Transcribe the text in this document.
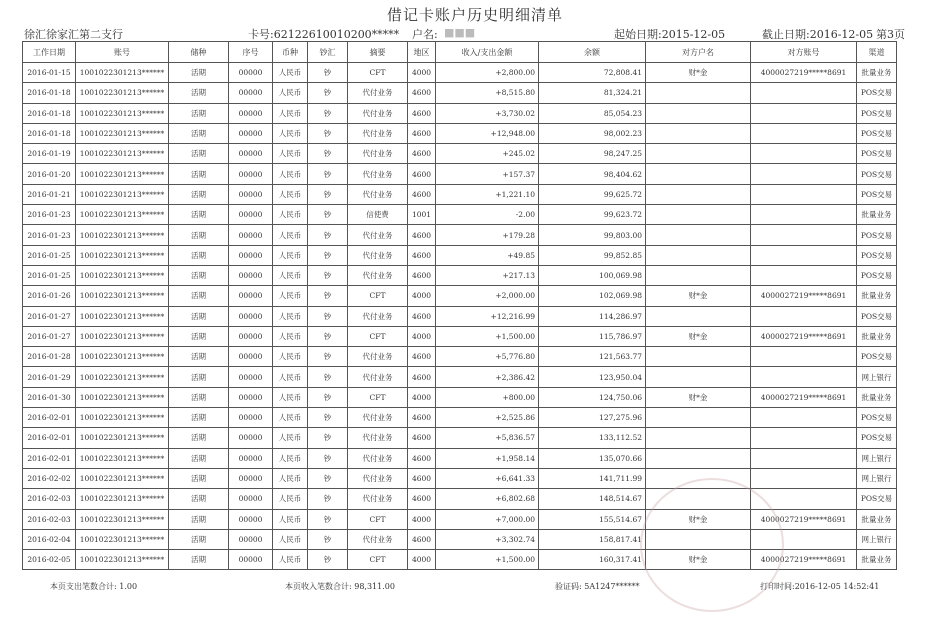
借记卡账户历史明细清单
徐汇徐家汇第二支行	卡号:62122610010200***** 户名: ■■■	起始日期:2015-12-05	截止日期:2016-12-05 第3页
工作日期	账号	储种	序号	币种	钞汇	摘要	地区	收入/支出金额	余额	对方户名	对方账号	渠道
2016-01-15	1001022301213******	活期	00000	人民币	钞	CFT	4000	+2,800.00	72,808.41	财*金	4000027219*****8691	批量业务
2016-01-18	1001022301213******	活期	00000	人民币	钞	代付业务	4600	+8,515.80	81,324.21			POS交易
2016-01-18	1001022301213******	活期	00000	人民币	钞	代付业务	4600	+3,730.02	85,054.23			POS交易
2016-01-18	1001022301213******	活期	00000	人民币	钞	代付业务	4600	+12,948.00	98,002.23			POS交易
2016-01-19	1001022301213******	活期	00000	人民币	钞	代付业务	4600	+245.02	98,247.25			POS交易
2016-01-20	1001022301213******	活期	00000	人民币	钞	代付业务	4600	+157.37	98,404.62			POS交易
2016-01-21	1001022301213******	活期	00000	人民币	钞	代付业务	4600	+1,221.10	99,625.72			POS交易
2016-01-23	1001022301213******	活期	00000	人民币	钞	信使费	1001	-2.00	99,623.72			批量业务
2016-01-23	1001022301213******	活期	00000	人民币	钞	代付业务	4600	+179.28	99,803.00			POS交易
2016-01-25	1001022301213******	活期	00000	人民币	钞	代付业务	4600	+49.85	99,852.85			POS交易
2016-01-25	1001022301213******	活期	00000	人民币	钞	代付业务	4600	+217.13	100,069.98			POS交易
2016-01-26	1001022301213******	活期	00000	人民币	钞	CFT	4000	+2,000.00	102,069.98	财*金	4000027219*****8691	批量业务
2016-01-27	1001022301213******	活期	00000	人民币	钞	代付业务	4600	+12,216.99	114,286.97			POS交易
2016-01-27	1001022301213******	活期	00000	人民币	钞	CFT	4000	+1,500.00	115,786.97	财*金	4000027219*****8691	批量业务
2016-01-28	1001022301213******	活期	00000	人民币	钞	代付业务	4600	+5,776.80	121,563.77			POS交易
2016-01-29	1001022301213******	活期	00000	人民币	钞	代付业务	4600	+2,386.42	123,950.04			网上银行
2016-01-30	1001022301213******	活期	00000	人民币	钞	CFT	4000	+800.00	124,750.06	财*金	4000027219*****8691	批量业务
2016-02-01	1001022301213******	活期	00000	人民币	钞	代付业务	4600	+2,525.86	127,275.96			POS交易
2016-02-01	1001022301213******	活期	00000	人民币	钞	代付业务	4600	+5,836.57	133,112.52			POS交易
2016-02-01	1001022301213******	活期	00000	人民币	钞	代付业务	4600	+1,958.14	135,070.66			网上银行
2016-02-02	1001022301213******	活期	00000	人民币	钞	代付业务	4600	+6,641.33	141,711.99			网上银行
2016-02-03	1001022301213******	活期	00000	人民币	钞	代付业务	4600	+6,802.68	148,514.67			POS交易
2016-02-03	1001022301213******	活期	00000	人民币	钞	CFT	4000	+7,000.00	155,514.67	财*金	4000027219*****8691	批量业务
2016-02-04	1001022301213******	活期	00000	人民币	钞	代付业务	4600	+3,302.74	158,817.41			网上银行
2016-02-05	1001022301213******	活期	00000	人民币	钞	CFT	4000	+1,500.00	160,317.41	财*金	4000027219*****8691	批量业务
本页支出笔数合计: 1.00	本页收入笔数合计: 98,311.00	验证码: 5A1247******	打印时间:2016-12-05 14:52:41
